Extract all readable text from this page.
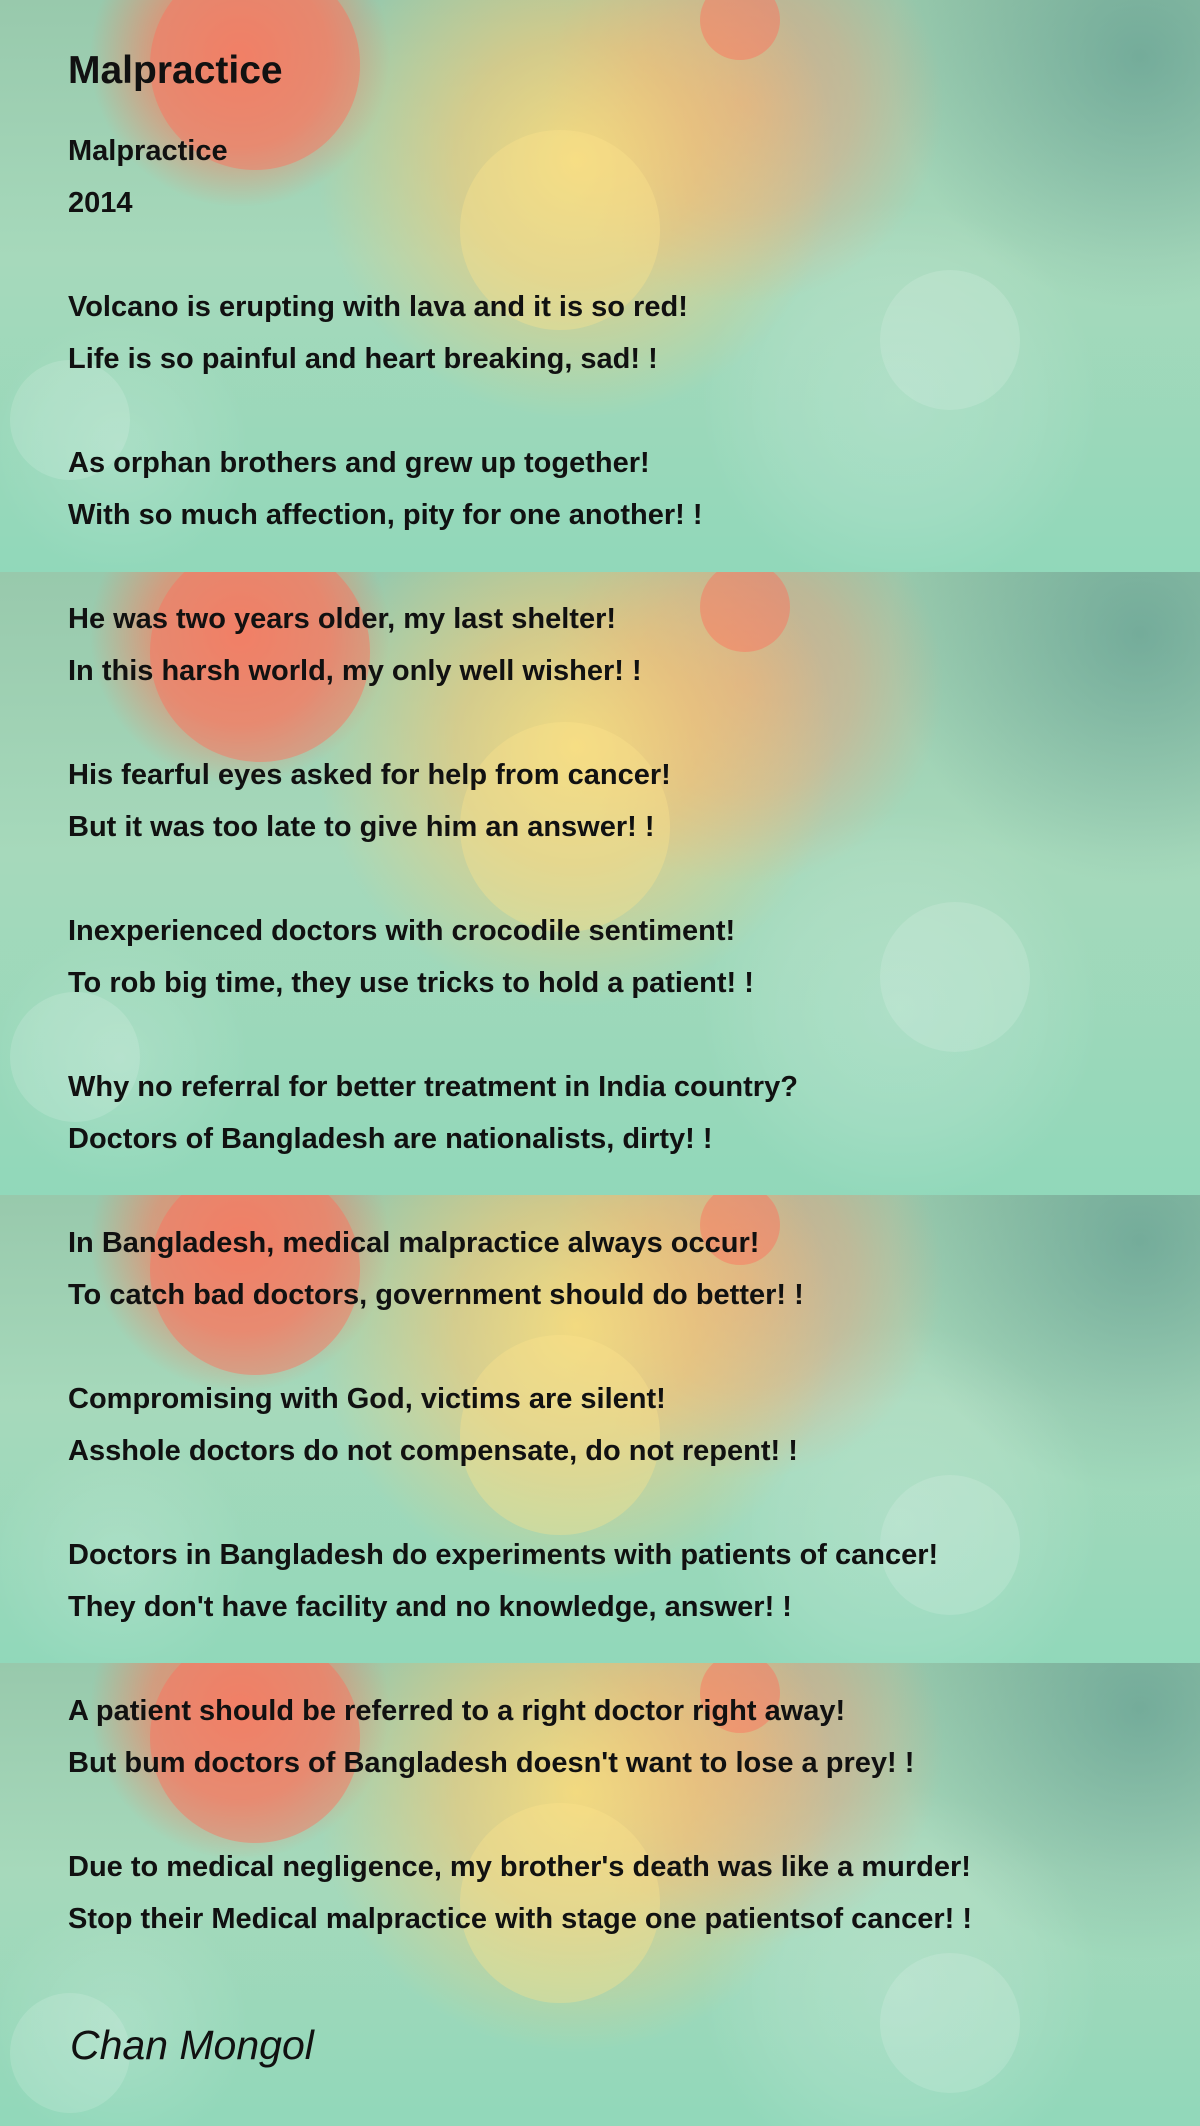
Malpractice
Malpractice
2014
Volcano is erupting with lava and it is so red!
Life is so painful and heart breaking, sad! !
As orphan brothers and grew up together!
With so much affection, pity for one another! !
He was two years older, my last shelter!
In this harsh world, my only well wisher! !
His fearful eyes asked for help from cancer!
But it was too late to give him an answer! !
Inexperienced doctors with crocodile sentiment!
To rob big time, they use tricks to hold a patient! !
Why no referral for better treatment in India country?
Doctors of Bangladesh are nationalists, dirty! !
In Bangladesh, medical malpractice always occur!
To catch bad doctors, government should do better! !
Compromising with God, victims are silent!
Asshole doctors do not compensate, do not repent! !
Doctors in Bangladesh do experiments with patients of cancer!
They don't have facility and no knowledge, answer! !
A patient should be referred to a right doctor right away!
But bum doctors of Bangladesh doesn't want to lose a prey! !
Due to medical negligence, my brother's death was like a murder!
Stop their Medical malpractice with stage one patientsof cancer! !
Chan Mongol
